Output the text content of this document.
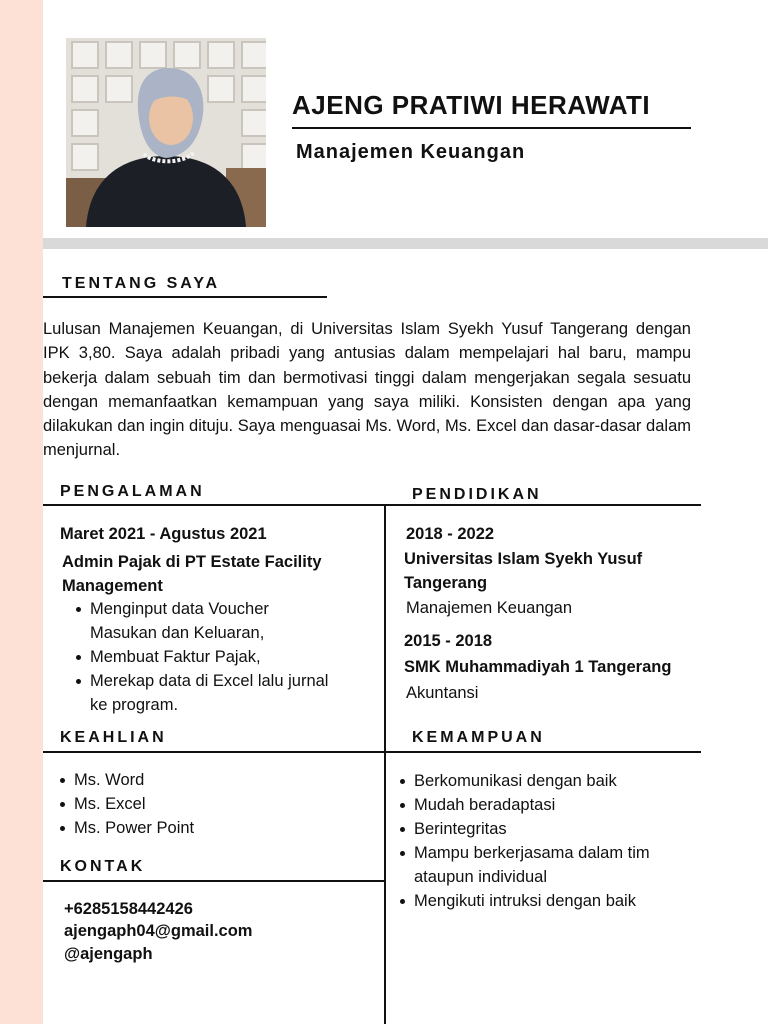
AJENG PRATIWI HERAWATI
Manajemen Keuangan
TENTANG SAYA

Lulusan Manajemen Keuangan, di Universitas Islam Syekh Yusuf Tangerang dengan IPK 3,80. Saya adalah pribadi yang antusias dalam mempelajari hal baru, mampu bekerja dalam sebuah tim dan bermotivasi tinggi dalam mengerjakan segala sesuatu dengan memanfaatkan kemampuan yang saya miliki. Konsisten dengan apa yang dilakukan dan ingin dituju. Saya menguasai Ms. Word, Ms. Excel dan dasar-dasar dalam menjurnal.

PENGALAMAN	PENDIDIKAN
Maret 2021 - Agustus 2021
Admin Pajak di PT Estate Facility
Management
Menginput data Voucher
Masukan dan Keluaran,
Membuat Faktur Pajak,
Merekap data di Excel lalu jurnal
ke program.
2018 - 2022
Universitas Islam Syekh Yusuf
Tangerang
Manajemen Keuangan
2015 - 2018
SMK Muhammadiyah 1 Tangerang
Akuntansi
KEAHLIAN	KEMAMPUAN
Ms. Word
Ms. Excel
Ms. Power Point
Berkomunikasi dengan baik
Mudah beradaptasi
Berintegritas
Mampu berkerjasama dalam tim
ataupun individual
Mengikuti intruksi dengan baik
KONTAK
+6285158442426
ajengaph04@gmail.com
@ajengaph
